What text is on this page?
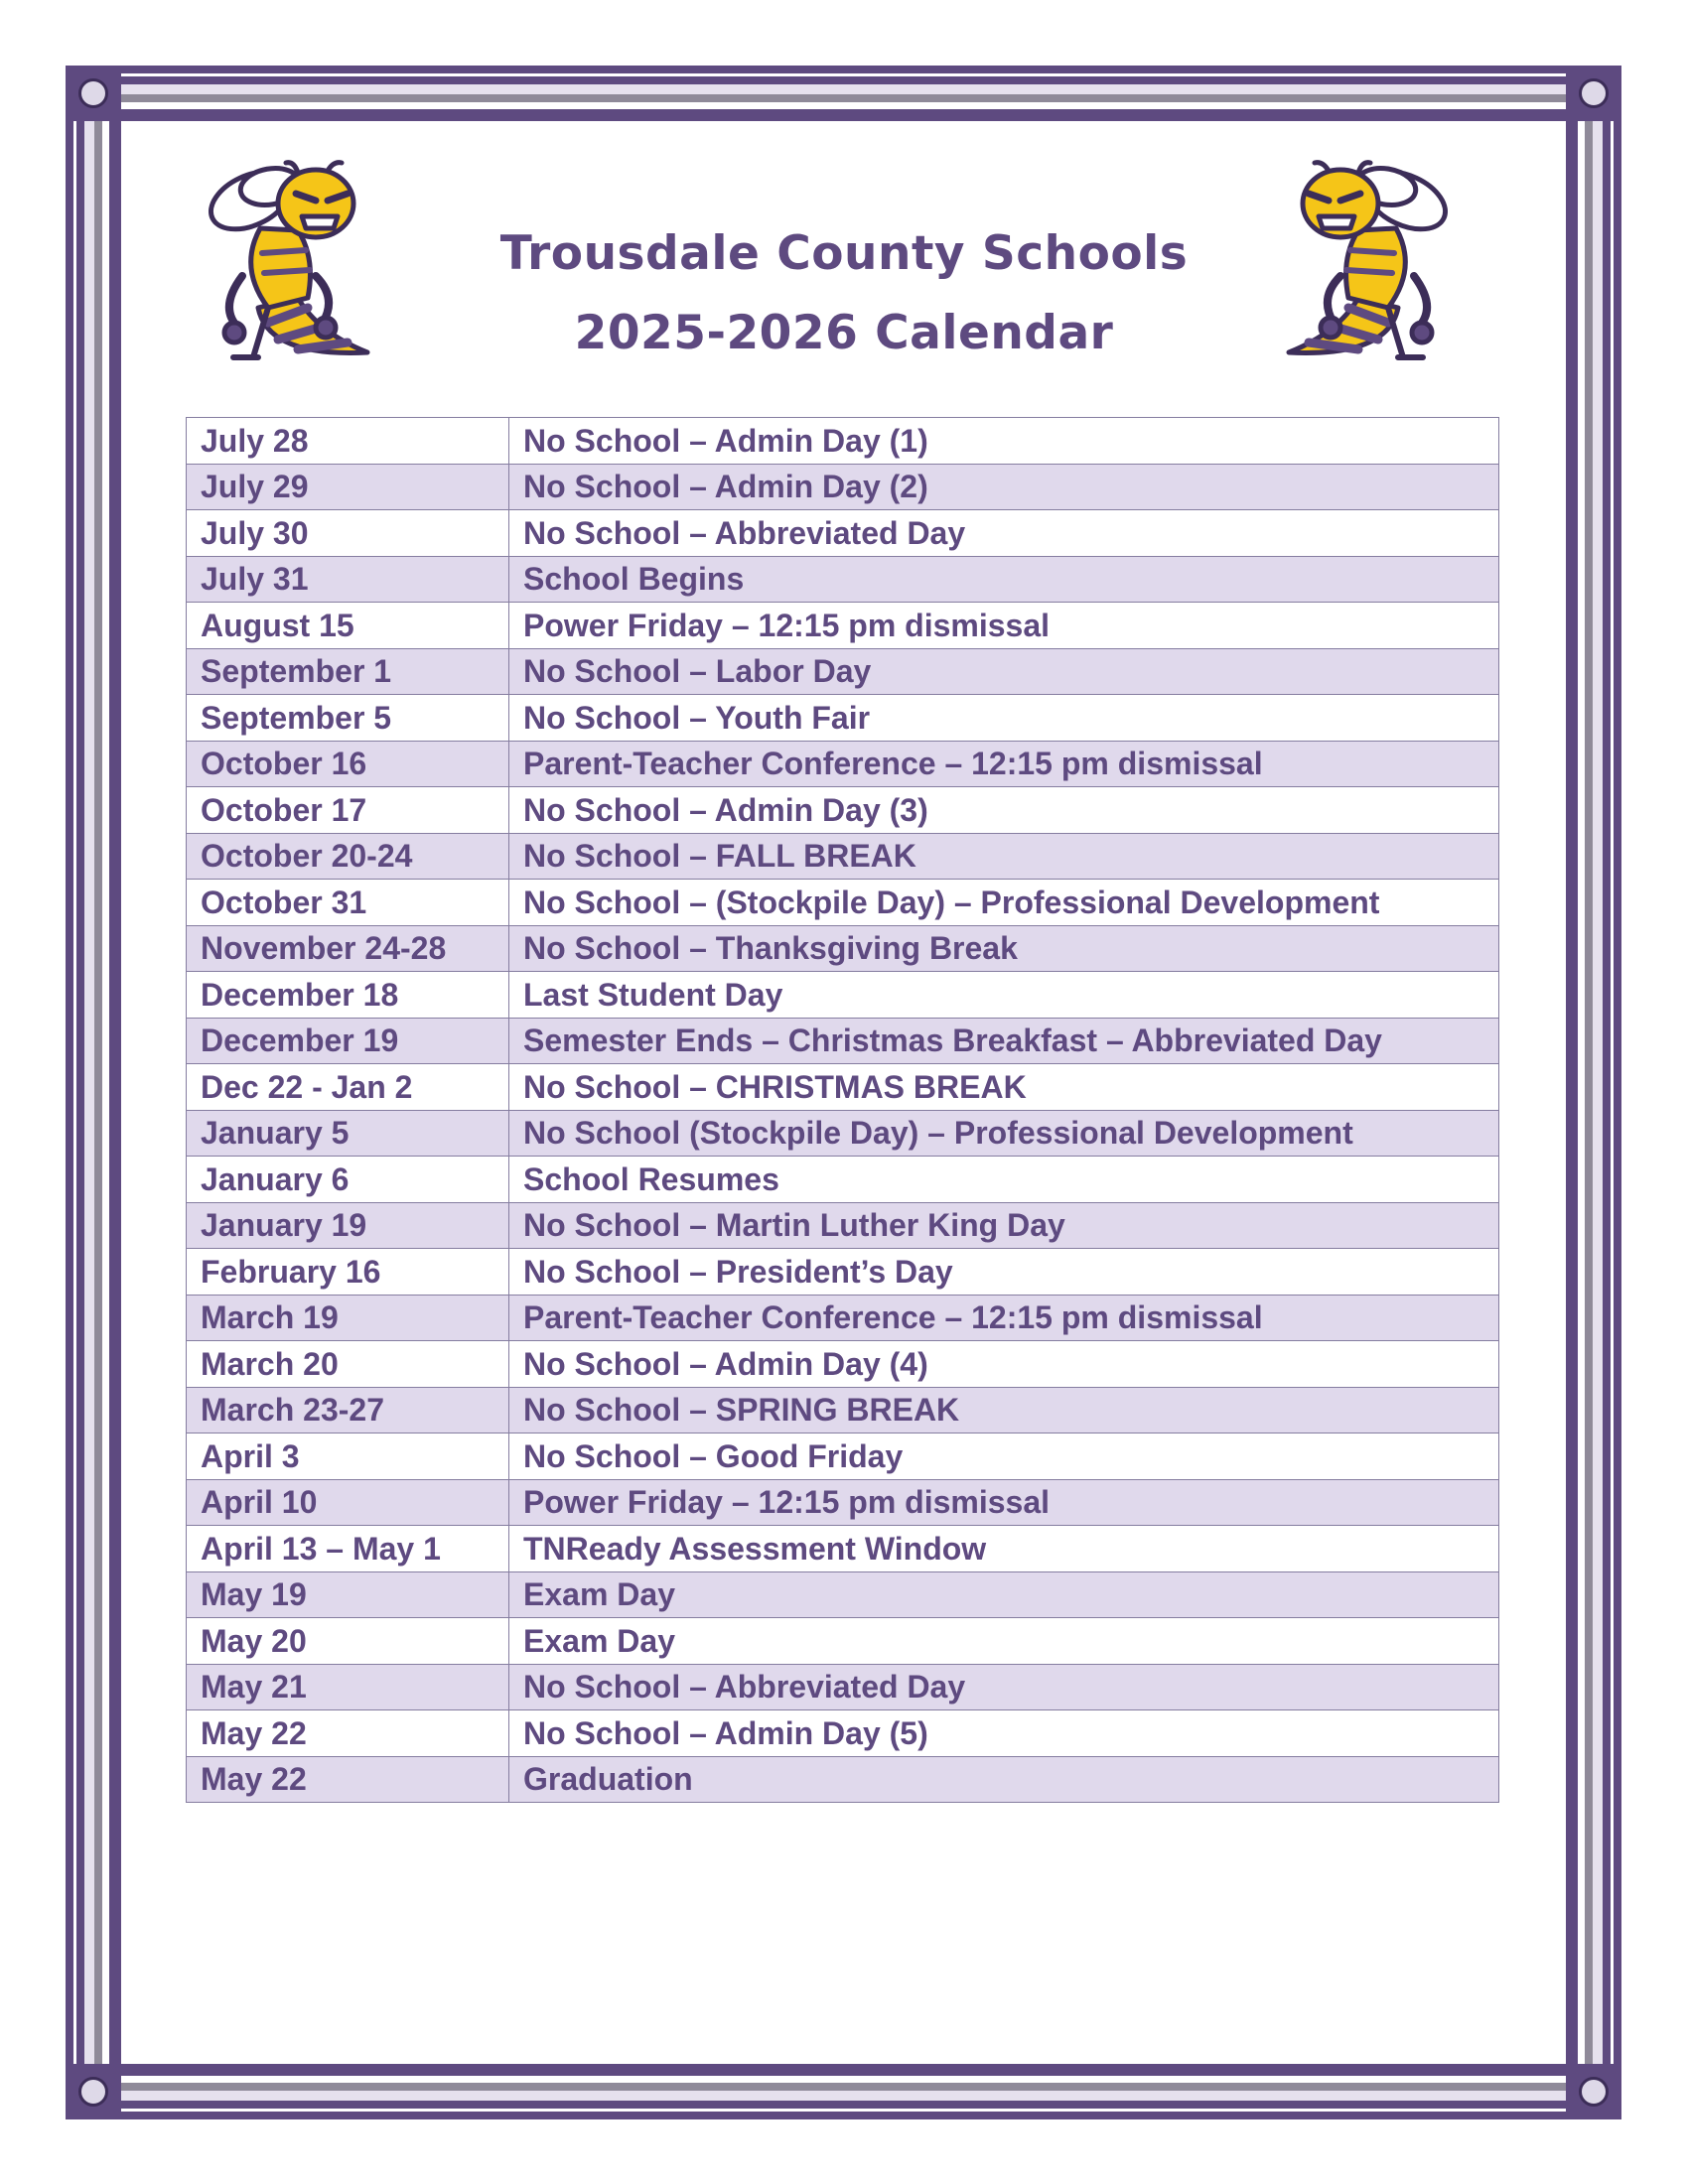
Trousdale County Schools
2025-2026 Calendar
July 28	No School – Admin Day (1)
July 29	No School – Admin Day (2)
July 30	No School – Abbreviated Day
July 31	School Begins
August 15	Power Friday – 12:15 pm dismissal
September 1	No School – Labor Day
September 5	No School – Youth Fair
October 16	Parent-Teacher Conference – 12:15 pm dismissal
October 17	No School – Admin Day (3)
October 20-24	No School – FALL BREAK
October 31	No School – (Stockpile Day) – Professional Development
November 24-28	No School – Thanksgiving Break
December 18	Last Student Day
December 19	Semester Ends – Christmas Breakfast – Abbreviated Day
Dec 22 - Jan 2	No School – CHRISTMAS BREAK
January 5	No School (Stockpile Day) – Professional Development
January 6	School Resumes
January 19	No School – Martin Luther King Day
February 16	No School – President’s Day
March 19	Parent-Teacher Conference – 12:15 pm dismissal
March 20	No School – Admin Day (4)
March 23-27	No School – SPRING BREAK
April 3	No School – Good Friday
April 10	Power Friday – 12:15 pm dismissal
April 13 – May 1	TNReady Assessment Window
May 19	Exam Day
May 20	Exam Day
May 21	No School – Abbreviated Day
May 22	No School – Admin Day (5)
May 22	Graduation
